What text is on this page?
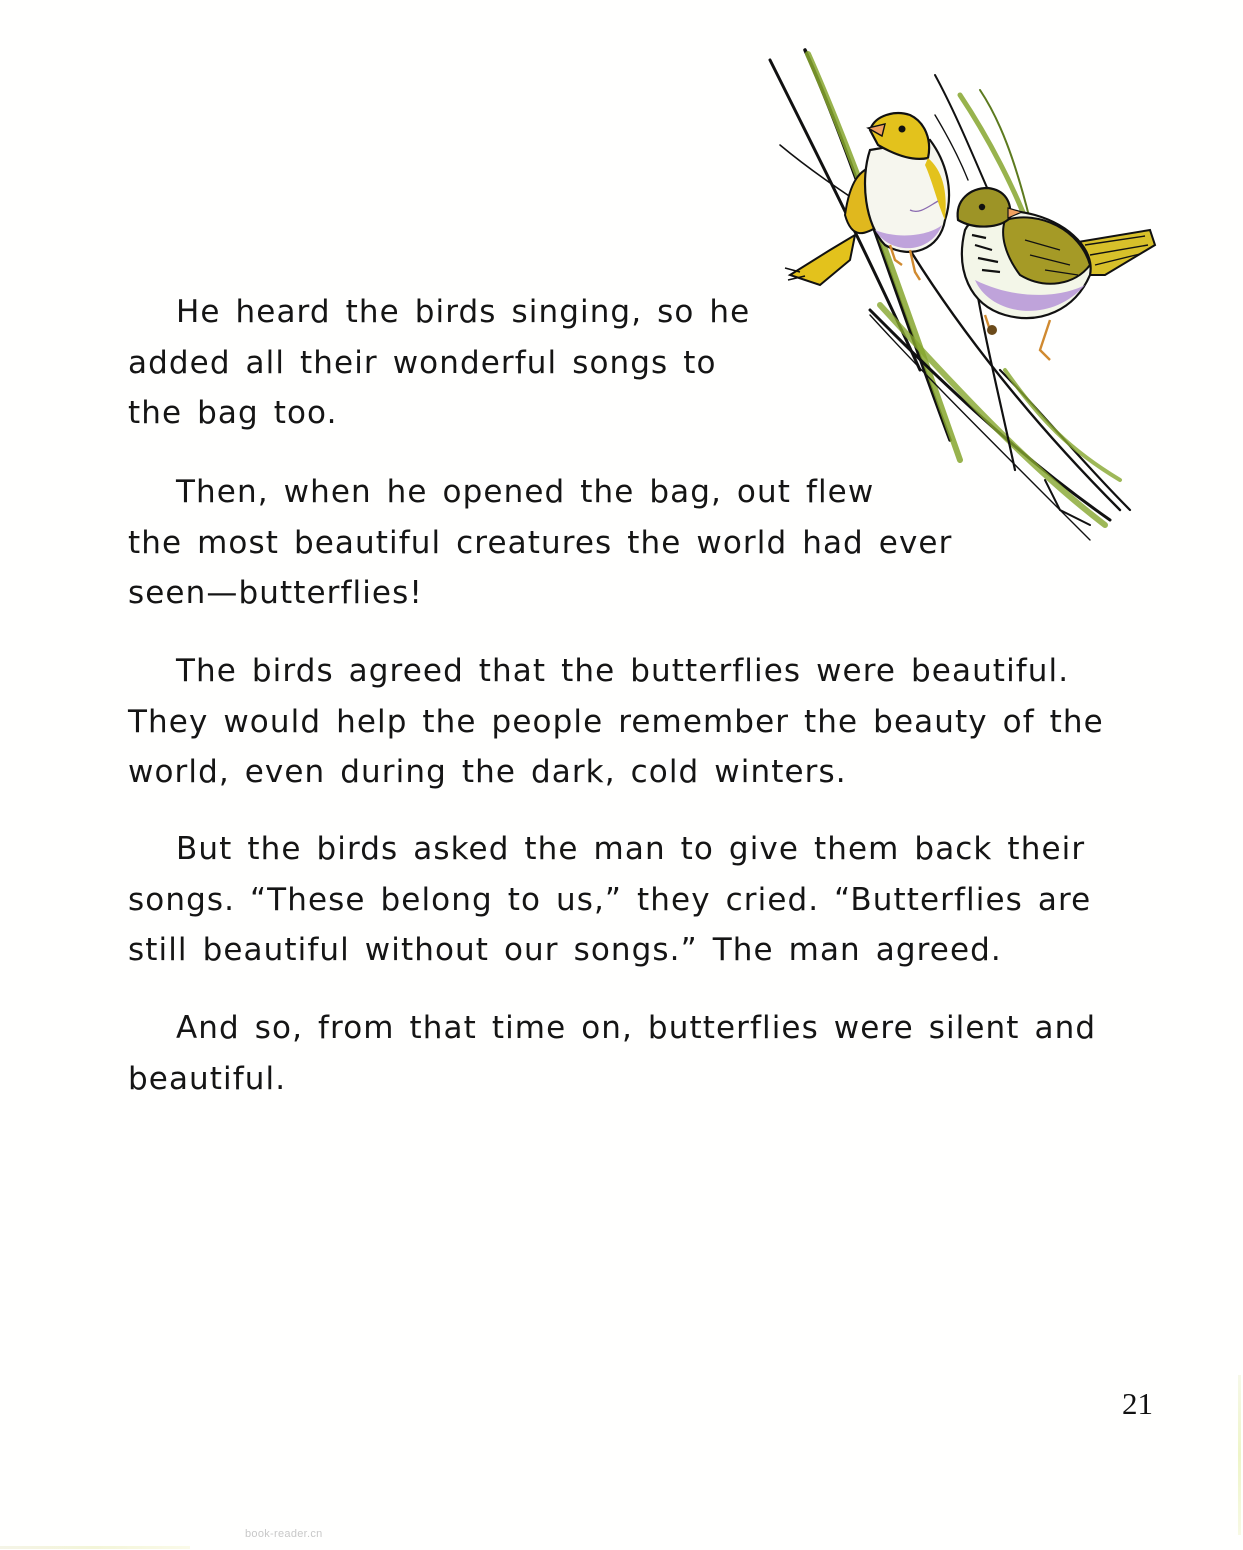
He heard the birds singing, so he
added all their wonderful songs to
the bag too.
Then, when he opened the bag, out flew
the most beautiful creatures the world had ever
seen—butterflies!
The birds agreed that the butterflies were beautiful.
They would help the people remember the beauty of the
world, even during the dark, cold winters.
But the birds asked the man to give them back their
songs. “These belong to us,” they cried. “Butterflies are
still beautiful without our songs.” The man agreed.
And so, from that time on, butterflies were silent and
beautiful.
21
book-reader.cn
